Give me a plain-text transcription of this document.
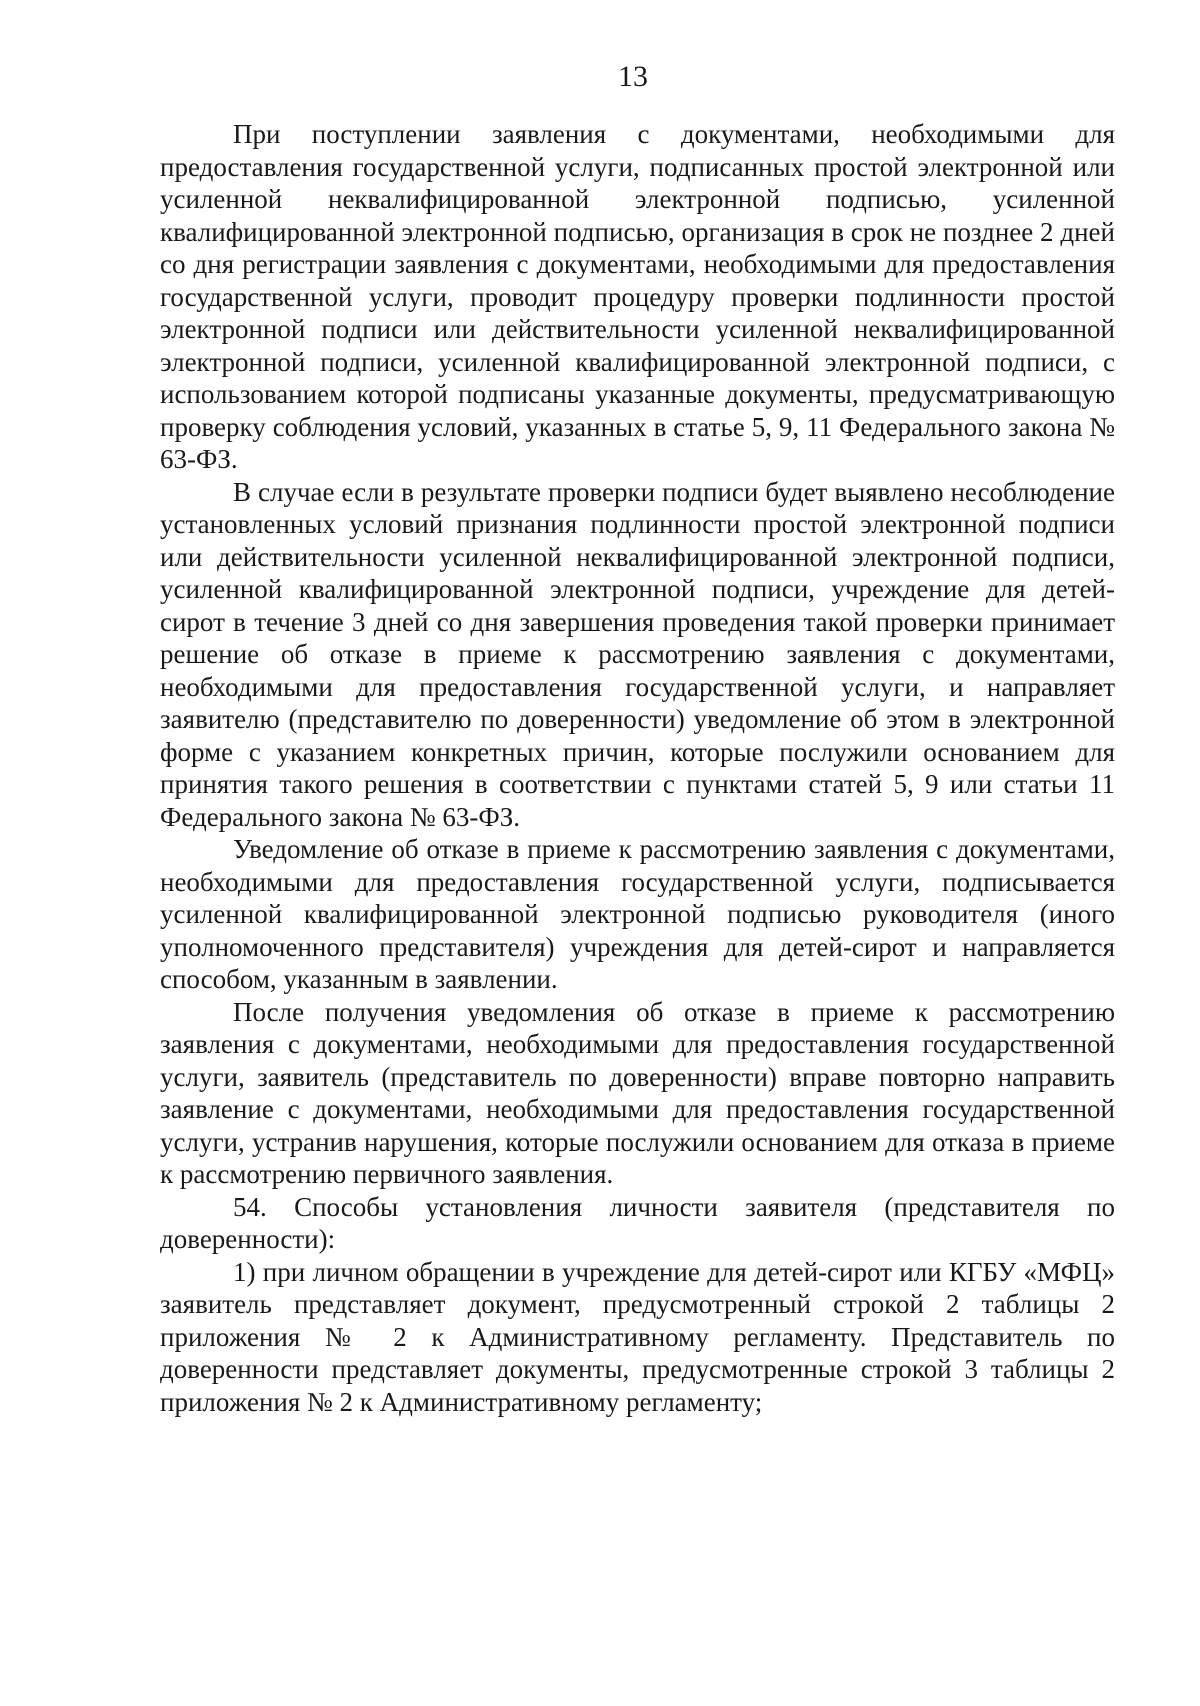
13

При поступлении заявления с документами, необходимыми для предоставления государственной услуги, подписанных простой электронной или усиленной неквалифицированной электронной подписью, усиленной квалифицированной электронной подписью, организация в срок не позднее 2 дней со дня регистрации заявления с документами, необходимыми для предоставления государственной услуги, проводит процедуру проверки подлинности простой электронной подписи или действительности усиленной неквалифицированной электронной подписи, усиленной квалифицированной электронной подписи, с использованием которой подписаны указанные документы, предусматривающую проверку соблюдения условий, указанных в статье 5, 9, 11 Федерального закона № 63-ФЗ.

В случае если в результате проверки подписи будет выявлено несоблюдение установленных условий признания подлинности простой электронной подписи или действительности усиленной неквалифицированной электронной подписи, усиленной квалифицированной электронной подписи, учреждение для детей-сирот в течение 3 дней со дня завершения проведения такой проверки принимает решение об отказе в приеме к рассмотрению заявления с документами, необходимыми для предоставления государственной услуги, и направляет заявителю (представителю по доверенности) уведомление об этом в электронной форме с указанием конкретных причин, которые послужили основанием для принятия такого решения в соответствии с пунктами статей 5, 9 или статьи 11 Федерального закона № 63-ФЗ.

Уведомление об отказе в приеме к рассмотрению заявления с документами, необходимыми для предоставления государственной услуги, подписывается усиленной квалифицированной электронной подписью руководителя (иного уполномоченного представителя) учреждения для детей-сирот и направляется способом, указанным в заявлении.

После получения уведомления об отказе в приеме к рассмотрению заявления с документами, необходимыми для предоставления государственной услуги, заявитель (представитель по доверенности) вправе повторно направить заявление с документами, необходимыми для предоставления государственной услуги, устранив нарушения, которые послужили основанием для отказа в приеме к рассмотрению первичного заявления.

54. Способы установления личности заявителя (представителя по доверенности):

1) при личном обращении в учреждение для детей-сирот или КГБУ «МФЦ» заявитель представляет документ, предусмотренный строкой 2 таблицы 2 приложения № 2 к Административному регламенту. Представитель по доверенности представляет документы, предусмотренные строкой 3 таблицы 2 приложения № 2 к Административному регламенту;
